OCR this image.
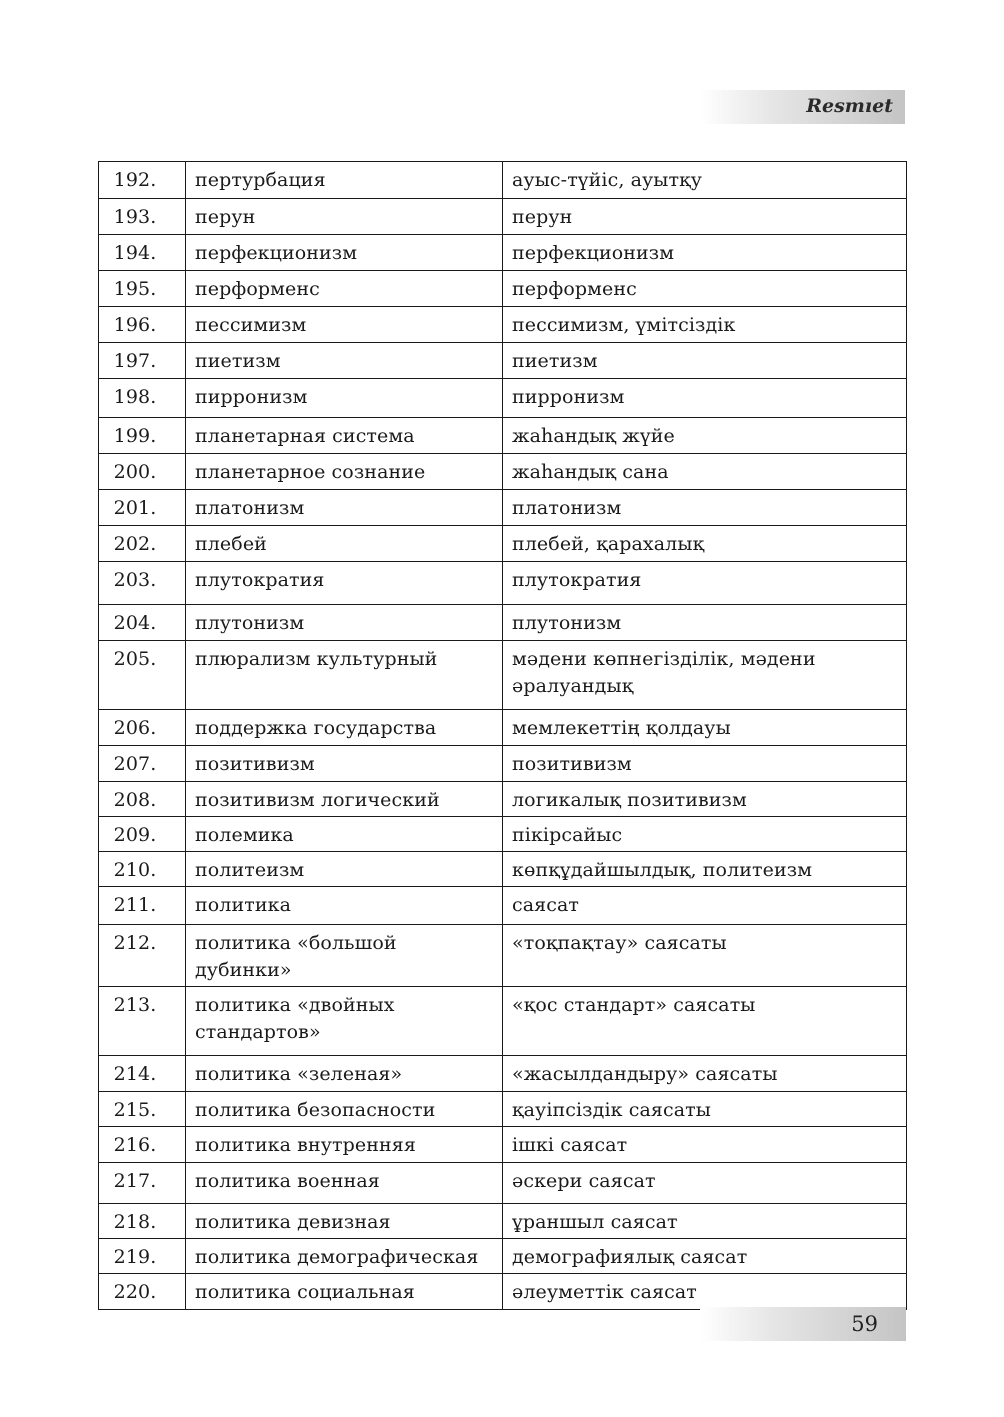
Resmıet
192.	пертурбация	ауыс-түйіс, ауытқу
193.	перун	перун
194.	перфекционизм	перфекционизм
195.	перформенс	перформенс
196.	пессимизм	пессимизм, үмітсіздік
197.	пиетизм	пиетизм
198.	пирронизм	пирронизм
199.	планетарная система	жаһандық жүйе
200.	планетарное сознание	жаһандық сана
201.	платонизм	платонизм
202.	плебей	плебей, қарахалық
203.	плутократия	плутократия
204.	плутонизм	плутонизм
205.	плюрализм культурный	мәдени көпнегізділік, мәдени әралуандық
206.	поддержка государства	мемлекеттің қолдауы
207.	позитивизм	позитивизм
208.	позитивизм логический	логикалық позитивизм
209.	полемика	пікірсайыс
210.	политеизм	көпқұдайшылдық, политеизм
211.	политика	саясат
212.	политика «большой дубинки»	«тоқпақтау» саясаты
213.	политика «двойных стандартов»	«қос стандарт» саясаты
214.	политика «зеленая»	«жасылдандыру» саясаты
215.	политика безопасности	қауіпсіздік саясаты
216.	политика внутренняя	ішкі саясат
217.	политика военная	әскери саясат
218.	политика девизная	ұраншыл саясат
219.	политика демографическая	демографиялық саясат
220.	политика социальная	әлеуметтік саясат
59
